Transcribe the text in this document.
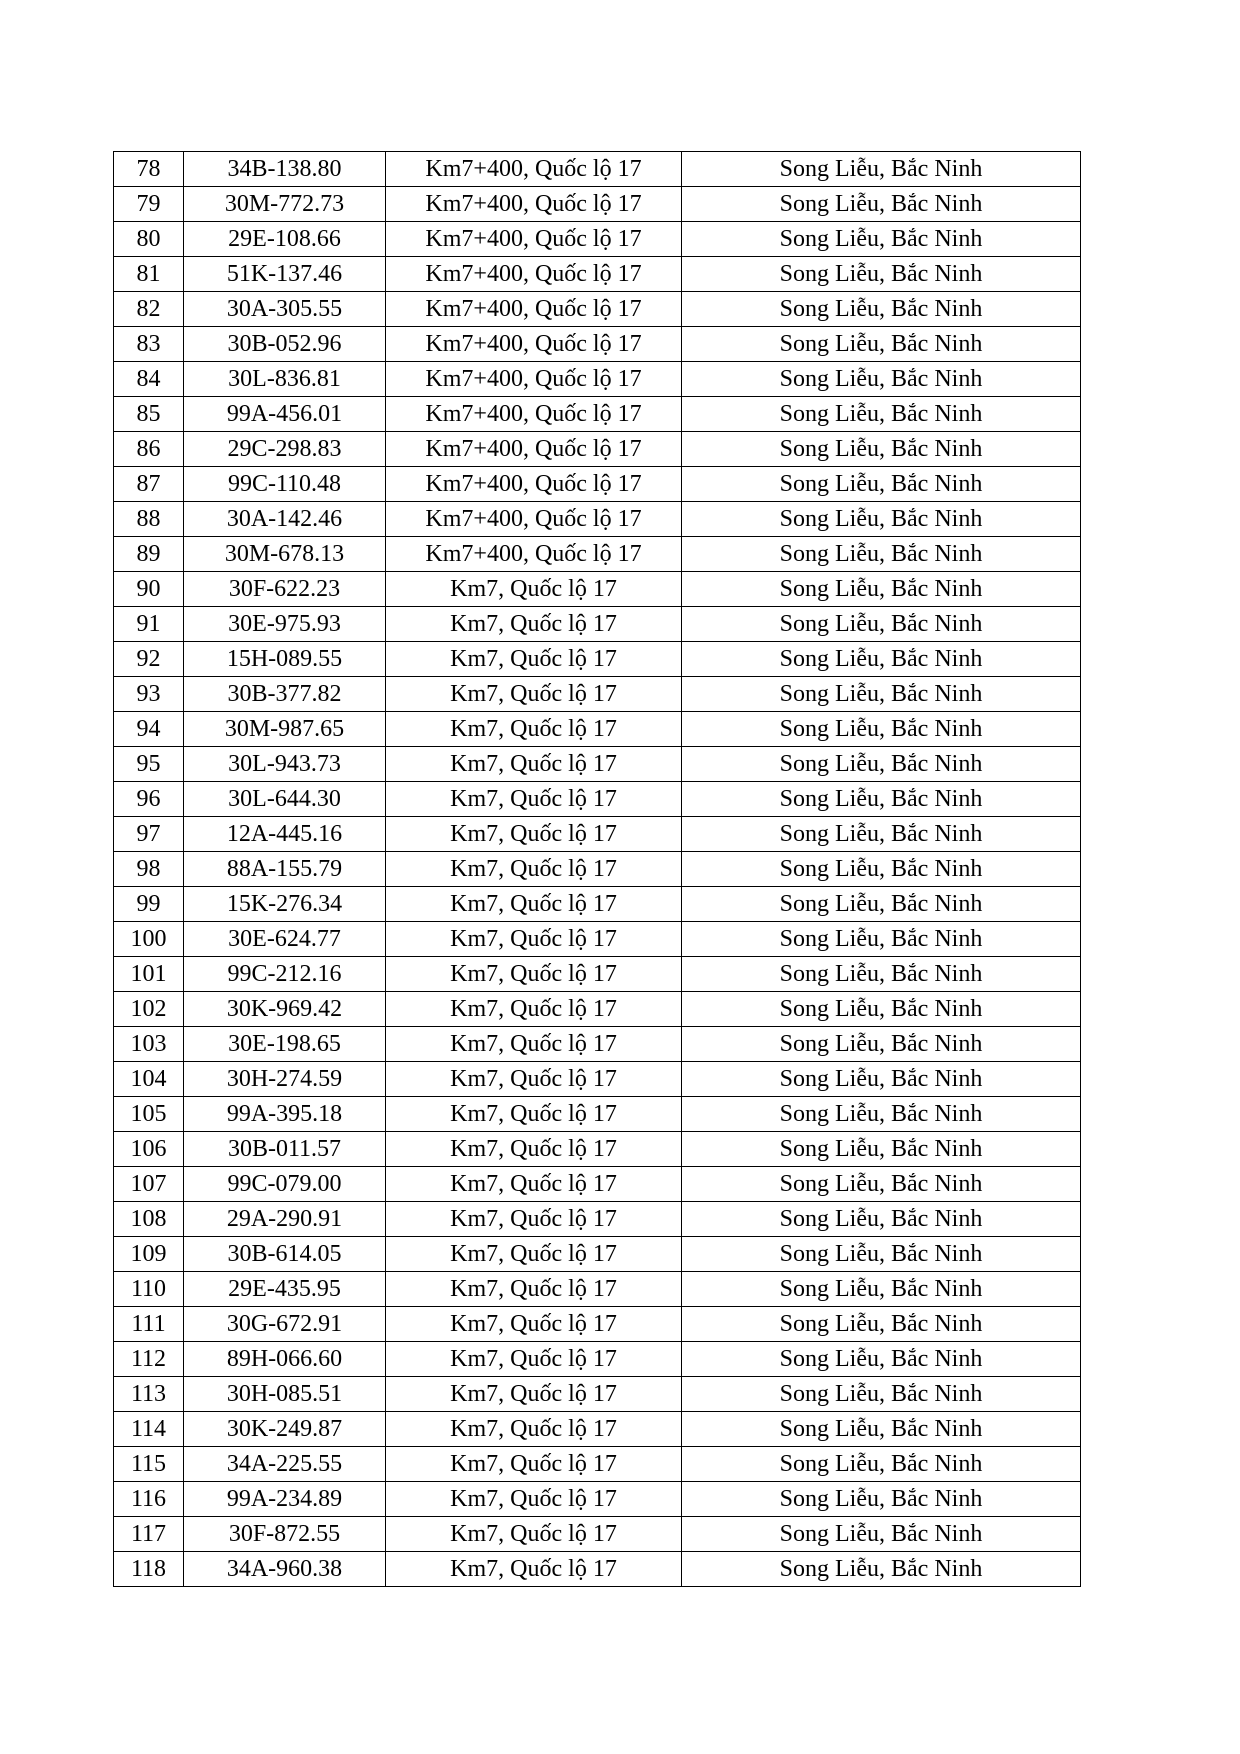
78	34B-138.80	Km7+400, Quốc lộ 17	Song Liễu, Bắc Ninh
79	30M-772.73	Km7+400, Quốc lộ 17	Song Liễu, Bắc Ninh
80	29E-108.66	Km7+400, Quốc lộ 17	Song Liễu, Bắc Ninh
81	51K-137.46	Km7+400, Quốc lộ 17	Song Liễu, Bắc Ninh
82	30A-305.55	Km7+400, Quốc lộ 17	Song Liễu, Bắc Ninh
83	30B-052.96	Km7+400, Quốc lộ 17	Song Liễu, Bắc Ninh
84	30L-836.81	Km7+400, Quốc lộ 17	Song Liễu, Bắc Ninh
85	99A-456.01	Km7+400, Quốc lộ 17	Song Liễu, Bắc Ninh
86	29C-298.83	Km7+400, Quốc lộ 17	Song Liễu, Bắc Ninh
87	99C-110.48	Km7+400, Quốc lộ 17	Song Liễu, Bắc Ninh
88	30A-142.46	Km7+400, Quốc lộ 17	Song Liễu, Bắc Ninh
89	30M-678.13	Km7+400, Quốc lộ 17	Song Liễu, Bắc Ninh
90	30F-622.23	Km7, Quốc lộ 17	Song Liễu, Bắc Ninh
91	30E-975.93	Km7, Quốc lộ 17	Song Liễu, Bắc Ninh
92	15H-089.55	Km7, Quốc lộ 17	Song Liễu, Bắc Ninh
93	30B-377.82	Km7, Quốc lộ 17	Song Liễu, Bắc Ninh
94	30M-987.65	Km7, Quốc lộ 17	Song Liễu, Bắc Ninh
95	30L-943.73	Km7, Quốc lộ 17	Song Liễu, Bắc Ninh
96	30L-644.30	Km7, Quốc lộ 17	Song Liễu, Bắc Ninh
97	12A-445.16	Km7, Quốc lộ 17	Song Liễu, Bắc Ninh
98	88A-155.79	Km7, Quốc lộ 17	Song Liễu, Bắc Ninh
99	15K-276.34	Km7, Quốc lộ 17	Song Liễu, Bắc Ninh
100	30E-624.77	Km7, Quốc lộ 17	Song Liễu, Bắc Ninh
101	99C-212.16	Km7, Quốc lộ 17	Song Liễu, Bắc Ninh
102	30K-969.42	Km7, Quốc lộ 17	Song Liễu, Bắc Ninh
103	30E-198.65	Km7, Quốc lộ 17	Song Liễu, Bắc Ninh
104	30H-274.59	Km7, Quốc lộ 17	Song Liễu, Bắc Ninh
105	99A-395.18	Km7, Quốc lộ 17	Song Liễu, Bắc Ninh
106	30B-011.57	Km7, Quốc lộ 17	Song Liễu, Bắc Ninh
107	99C-079.00	Km7, Quốc lộ 17	Song Liễu, Bắc Ninh
108	29A-290.91	Km7, Quốc lộ 17	Song Liễu, Bắc Ninh
109	30B-614.05	Km7, Quốc lộ 17	Song Liễu, Bắc Ninh
110	29E-435.95	Km7, Quốc lộ 17	Song Liễu, Bắc Ninh
111	30G-672.91	Km7, Quốc lộ 17	Song Liễu, Bắc Ninh
112	89H-066.60	Km7, Quốc lộ 17	Song Liễu, Bắc Ninh
113	30H-085.51	Km7, Quốc lộ 17	Song Liễu, Bắc Ninh
114	30K-249.87	Km7, Quốc lộ 17	Song Liễu, Bắc Ninh
115	34A-225.55	Km7, Quốc lộ 17	Song Liễu, Bắc Ninh
116	99A-234.89	Km7, Quốc lộ 17	Song Liễu, Bắc Ninh
117	30F-872.55	Km7, Quốc lộ 17	Song Liễu, Bắc Ninh
118	34A-960.38	Km7, Quốc lộ 17	Song Liễu, Bắc Ninh
